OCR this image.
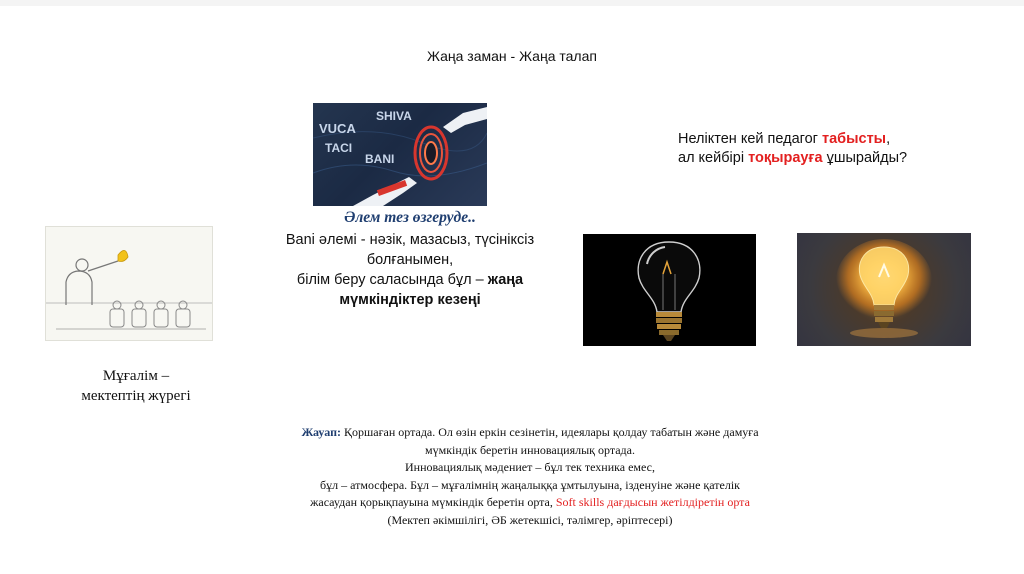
Жаңа заман - Жаңа талап
Неліктен кей педагог табысты,
ал кейбірі тоқырауға ұшырайды?
VUCA
SHIVA
TACI
BANI
Әлем тез өзгеруде..
Bani әлемі - нәзік, мазасыз, түсініксіз
болғанымен,
білім беру саласында бұл – жаңа
мүмкіндіктер кезеңі
Мұғалім –
мектептің жүрегі
Жауап: Қоршаған ортада. Ол өзін еркін сезінетін, идеялары қолдау табатын және дамуға
мүмкіндік беретін инновациялық ортада.
Инновациялық мәдениет – бұл тек техника емес,
бұл – атмосфера. Бұл – мұғалімнің жаңалыққа ұмтылуына, ізденуіне және қателік
жасаудан қорықпауына мүмкіндік беретін орта, Soft skills дағдысын жетілдіретін орта
(Мектеп әкімшілігі, ӘБ жетекшісі, тәлімгер, әріптесері)
